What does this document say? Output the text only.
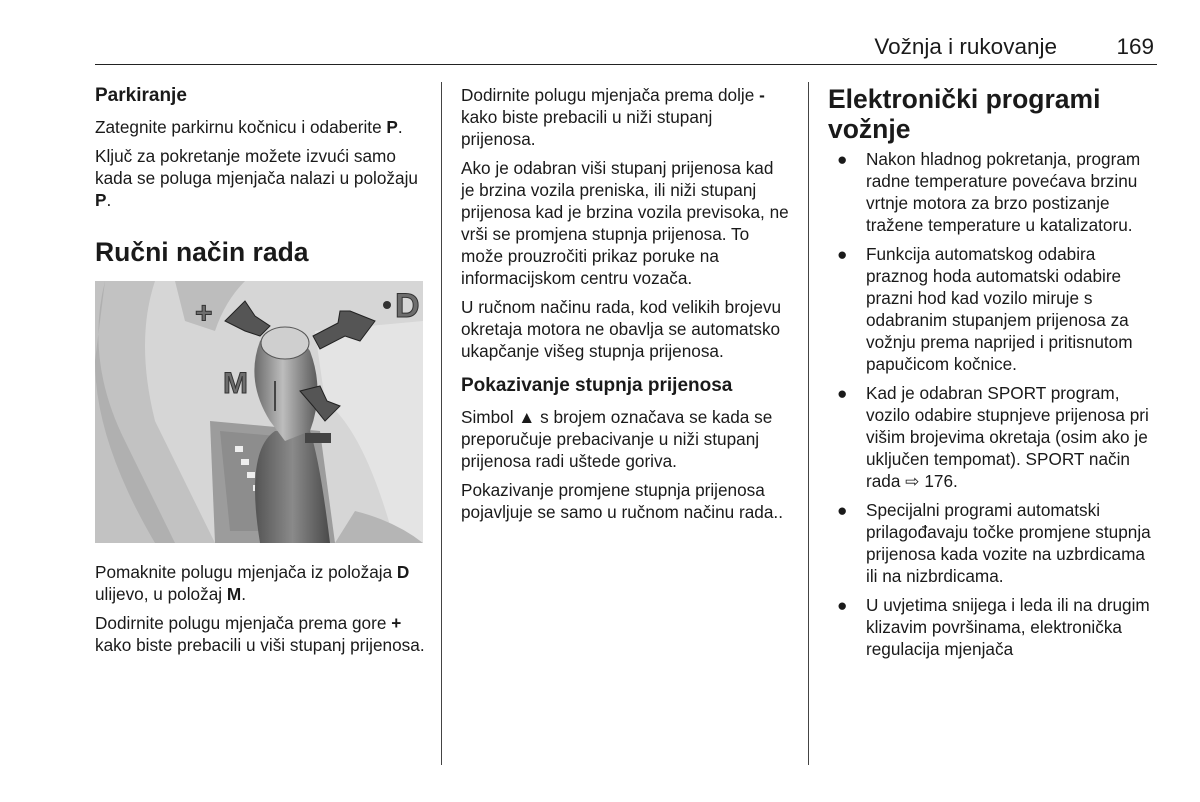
Vožnja i rukovanje	169
Parkiranje

Zategnite parkirnu kočnicu i odaberite P.

Ključ za pokretanje možete izvući samo kada se poluga mjenjača nalazi u položaju P.

Ručni način rada
+	D
M

Pomaknite polugu mjenjača iz položaja D ulijevo, u položaj M.

Dodirnite polugu mjenjača prema gore + kako biste prebacili u viši stupanj prijenosa.

Dodirnite polugu mjenjača prema dolje - kako biste prebacili u niži stupanj prijenosa.

Ako je odabran viši stupanj prijenosa kad je brzina vozila preniska, ili niži stupanj prijenosa kad je brzina vozila previsoka, ne vrši se promjena stupnja prijenosa. To može prouzročiti prikaz poruke na informacijskom centru vozača.

U ručnom načinu rada, kod velikih brojevu okretaja motora ne obavlja se automatsko ukapčanje višeg stupnja prijenosa.

Pokazivanje stupnja prijenosa

Simbol ▲ s brojem označava se kada se preporučuje prebacivanje u niži stupanj prijenosa radi uštede goriva.

Pokazivanje promjene stupnja prijenosa pojavljuje se samo u ručnom načinu rada..

Elektronički programi vožnje
● Nakon hladnog pokretanja, program radne temperature povećava brzinu vrtnje motora za brzo postizanje tražene temperature u katalizatoru.
● Funkcija automatskog odabira praznog hoda automatski odabire prazni hod kad vozilo miruje s odabranim stupanjem prijenosa za vožnju prema naprijed i pritisnutom papučicom kočnice.
● Kad je odabran SPORT program, vozilo odabire stupnjeve prijenosa pri višim brojevima okretaja (osim ako je uključen tempomat). SPORT način rada ⇨ 176.
● Specijalni programi automatski prilagođavaju točke promjene stupnja prijenosa kada vozite na uzbrdicama ili na nizbrdicama.
● U uvjetima snijega i leda ili na drugim klizavim površinama, elektronička regulacija mjenjača
